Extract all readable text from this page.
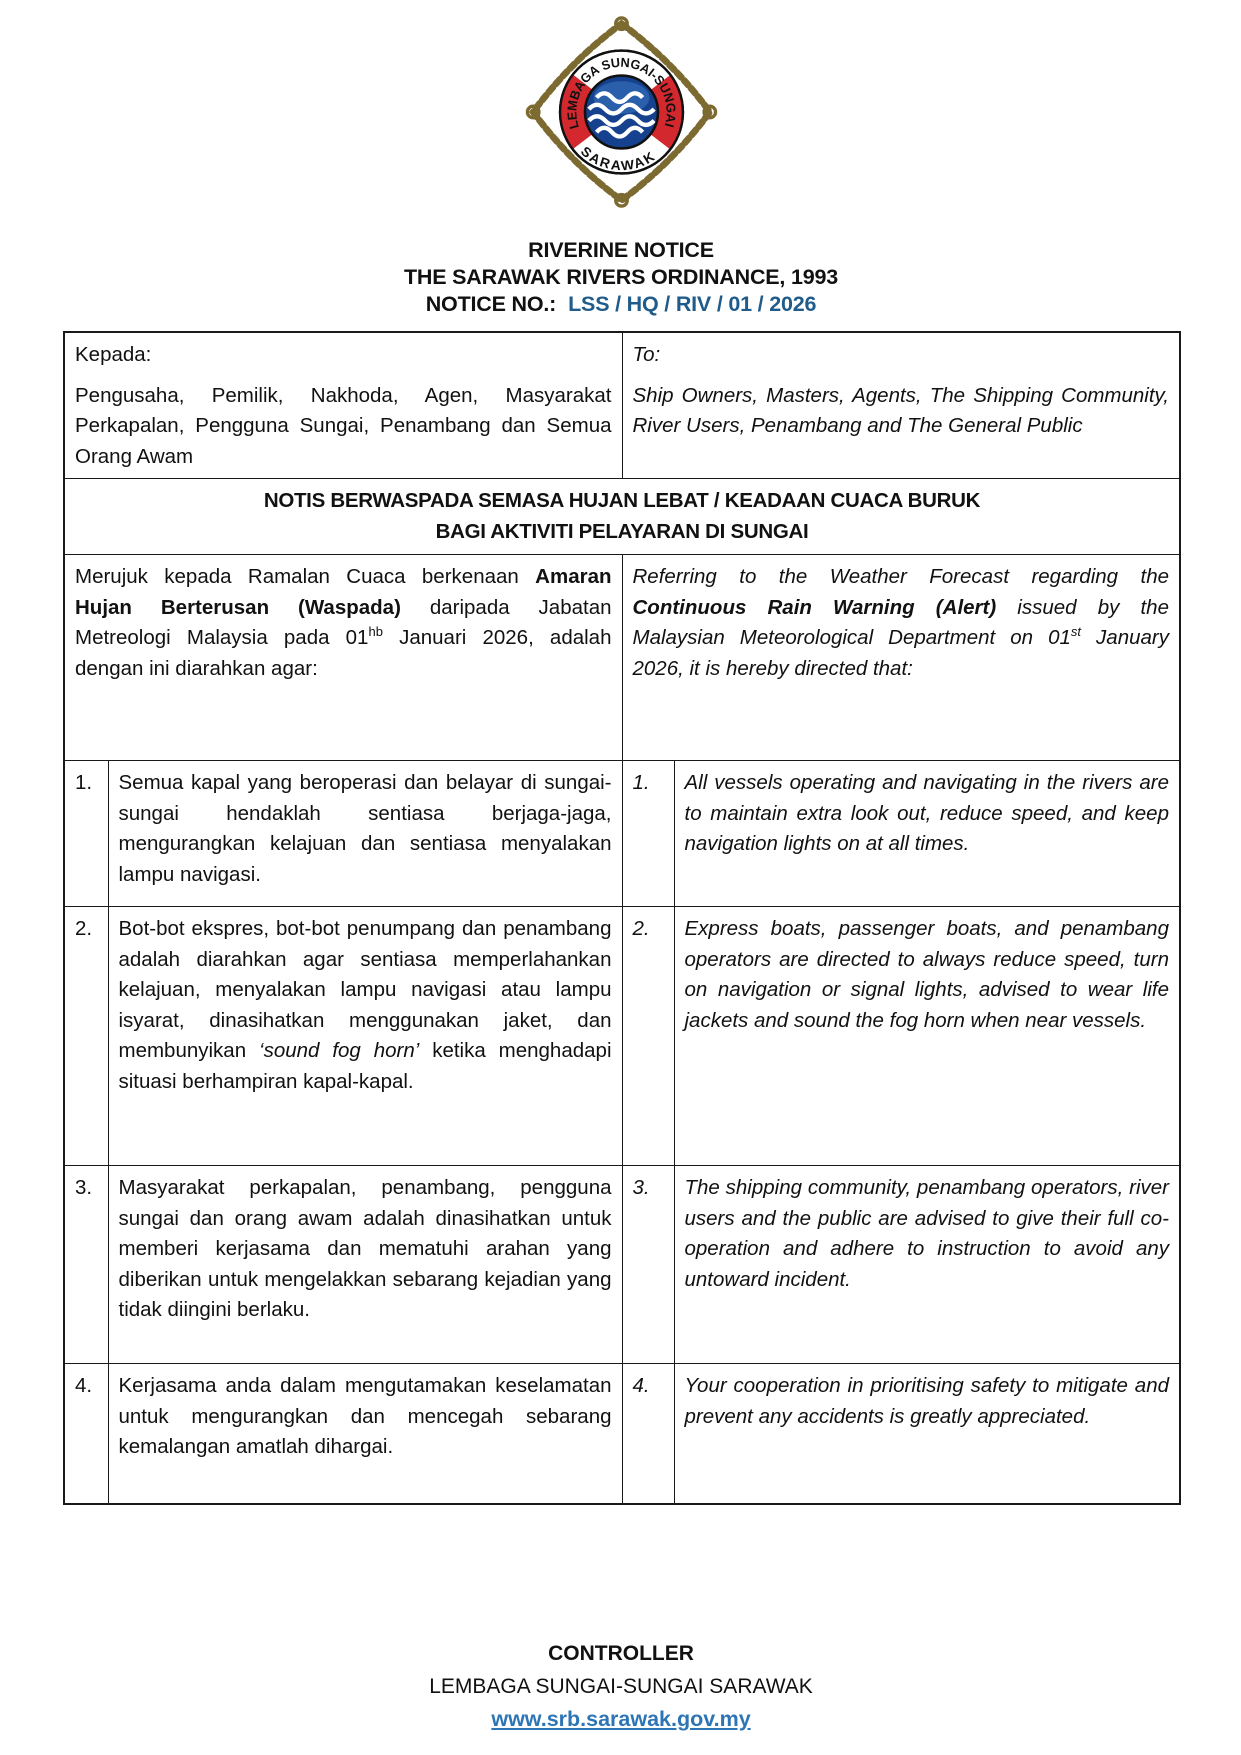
LEMBAGA SUNGAI-SUNGAI
SARAWAK
RIVERINE NOTICE
THE SARAWAK RIVERS ORDINANCE, 1993
NOTICE NO.: LSS / HQ / RIV / 01 / 2026
Kepada:
Pengusaha, Pemilik, Nakhoda, Agen, Masyarakat Perkapalan, Pengguna Sungai, Penambang dan Semua Orang Awam

To:
Ship Owners, Masters, Agents, The Shipping Community, River Users, Penambang and The General Public

NOTIS BERWASPADA SEMASA HUJAN LEBAT / KEADAAN CUACA BURUK
BAGI AKTIVITI PELAYARAN DI SUNGAI			

Merujuk kepada Ramalan Cuaca berkenaan Amaran Hujan Berterusan (Waspada) daripada Jabatan Metreologi Malaysia pada $01^{hb}$ Januari 2026, adalah dengan ini diarahkan agar:		Referring to the Weather Forecast regarding the Continuous Rain Warning (Alert) issued by the Malaysian Meteorological Department on 01st January 2026, it is hereby directed that:	

1.	Semua kapal yang beroperasi dan belayar di sungai-sungai hendaklah sentiasa berjaga-jaga, mengurangkan kelajuan dan sentiasa menyalakan lampu navigasi.	1.	All vessels operating and navigating in the rivers are to maintain extra look out, reduce speed, and keep navigation lights on at all times.

2.	Bot-bot ekspres, bot-bot penumpang dan penambang adalah diarahkan agar sentiasa memperlahankan kelajuan, menyalakan lampu navigasi atau lampu isyarat, dinasihatkan menggunakan jaket, dan membunyikan ‘sound fog horn’ ketika menghadapi situasi berhampiran kapal-kapal.	2.	Express boats, passenger boats, and penambang operators are directed to always reduce speed, turn on navigation or signal lights, advised to wear life jackets and sound the fog horn when near vessels.

3.	Masyarakat perkapalan, penambang, pengguna sungai dan orang awam adalah dinasihatkan untuk memberi kerjasama dan mematuhi arahan yang diberikan untuk mengelakkan sebarang kejadian yang tidak diingini berlaku.	3.	The shipping community, penambang operators, river users and the public are advised to give their full co-operation and adhere to instruction to avoid any untoward incident.

4.	Kerjasama anda dalam mengutamakan keselamatan untuk mengurangkan dan mencegah sebarang kemalangan amatlah dihargai.	4.	Your cooperation in prioritising safety to mitigate and prevent any accidents is greatly appreciated.
CONTROLLER
LEMBAGA SUNGAI-SUNGAI SARAWAK
www.srb.sarawak.gov.my
